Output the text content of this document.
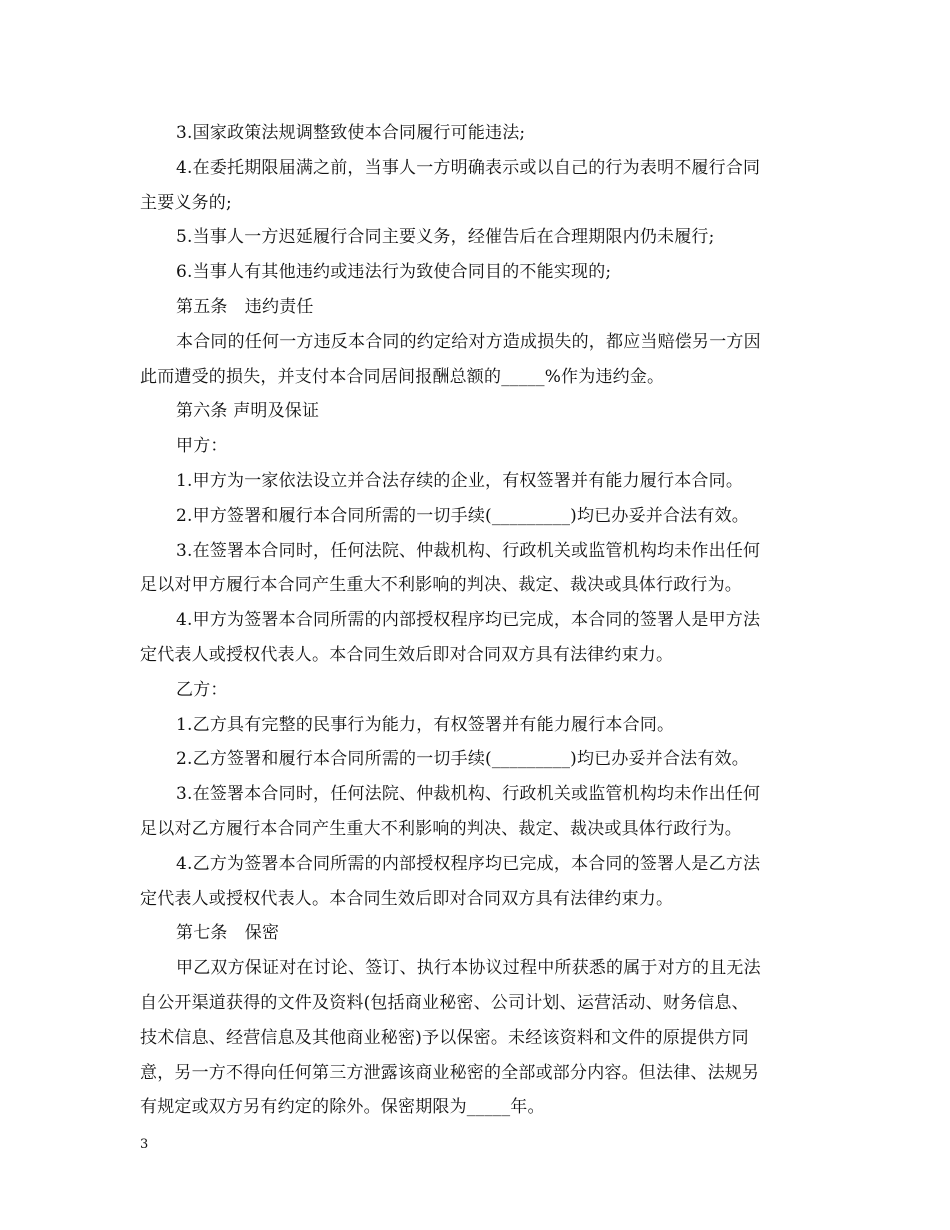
3.国家政策法规调整致使本合同履行可能违法;
4.在委托期限届满之前，当事人一方明确表示或以自己的行为表明不履行合同
主要义务的;
5.当事人一方迟延履行合同主要义务，经催告后在合理期限内仍未履行;
6.当事人有其他违约或违法行为致使合同目的不能实现的;
第五条　违约责任
本合同的任何一方违反本合同的约定给对方造成损失的，都应当赔偿另一方因
此而遭受的损失，并支付本合同居间报酬总额的_____%作为违约金。
第六条 声明及保证
甲方：
1.甲方为一家依法设立并合法存续的企业，有权签署并有能力履行本合同。
2.甲方签署和履行本合同所需的一切手续(_________)均已办妥并合法有效。
3.在签署本合同时，任何法院、仲裁机构、行政机关或监管机构均未作出任何
足以对甲方履行本合同产生重大不利影响的判决、裁定、裁决或具体行政行为。
4.甲方为签署本合同所需的内部授权程序均已完成，本合同的签署人是甲方法
定代表人或授权代表人。本合同生效后即对合同双方具有法律约束力。
乙方：
1.乙方具有完整的民事行为能力，有权签署并有能力履行本合同。
2.乙方签署和履行本合同所需的一切手续(_________)均已办妥并合法有效。
3.在签署本合同时，任何法院、仲裁机构、行政机关或监管机构均未作出任何
足以对乙方履行本合同产生重大不利影响的判决、裁定、裁决或具体行政行为。
4.乙方为签署本合同所需的内部授权程序均已完成，本合同的签署人是乙方法
定代表人或授权代表人。本合同生效后即对合同双方具有法律约束力。
第七条　保密
甲乙双方保证对在讨论、签订、执行本协议过程中所获悉的属于对方的且无法
自公开渠道获得的文件及资料(包括商业秘密、公司计划、运营活动、财务信息、
技术信息、经营信息及其他商业秘密)予以保密。未经该资料和文件的原提供方同
意，另一方不得向任何第三方泄露该商业秘密的全部或部分内容。但法律、法规另
有规定或双方另有约定的除外。保密期限为_____年。
3
